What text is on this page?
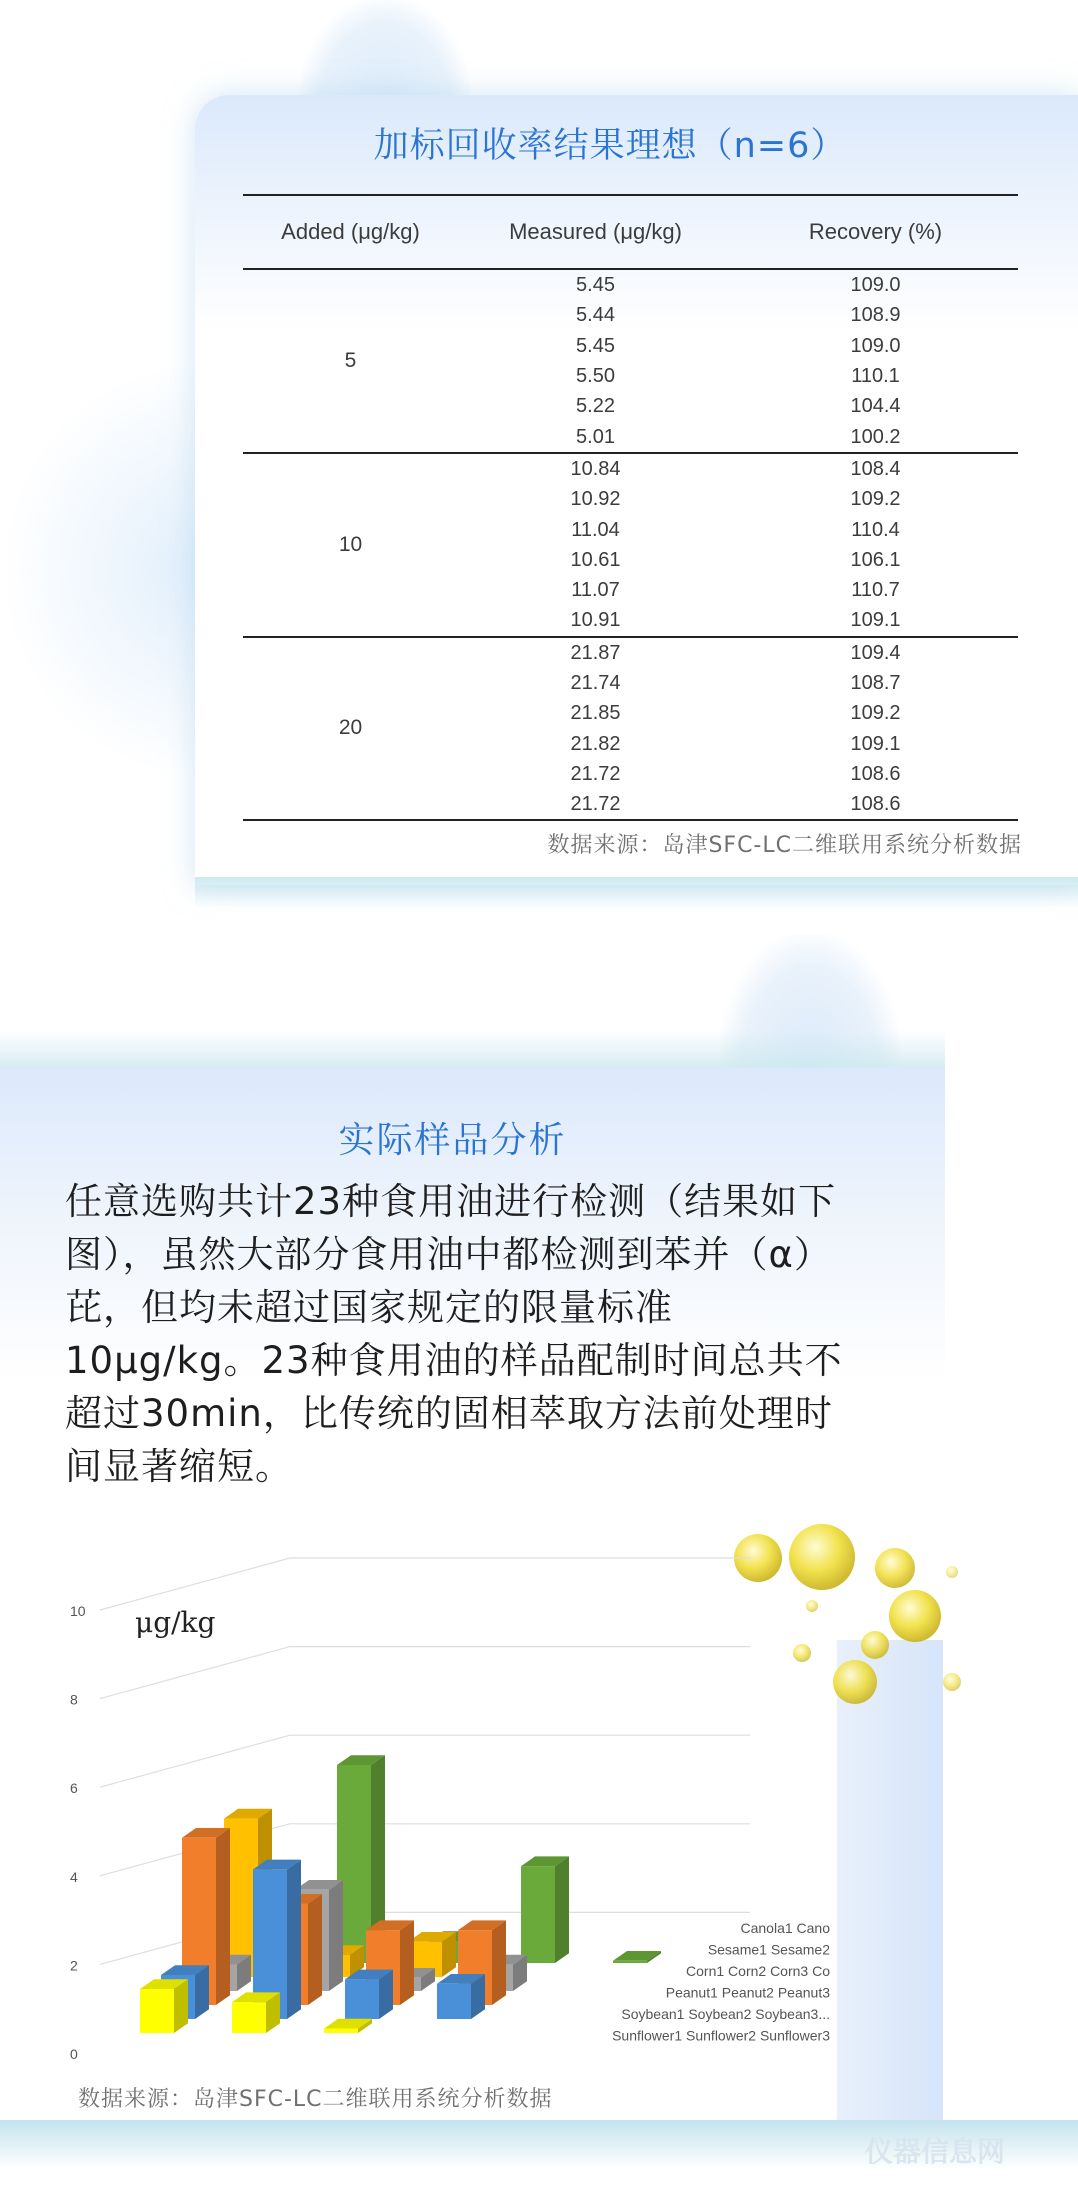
加标回收率结果理想（n=6）
Added (μg/kg)	Measured (μg/kg)	Recovery (%)
5	5.45	109.0
	5.44	108.9
	5.45	109.0
	5.50	110.1
	5.22	104.4
	5.01	100.2
10	10.84	108.4
	10.92	109.2
	11.04	110.4
	10.61	106.1
	11.07	110.7
	10.91	109.1
20	21.87	109.4
	21.74	108.7
	21.85	109.2
	21.82	109.1
	21.72	108.6
	21.72	108.6
数据来源：岛津SFC-LC二维联用系统分析数据
实际样品分析

任意选购共计23种食用油进行检测（结果如下图），虽然大部分食用油中都检测到苯并（α）芘，但均未超过国家规定的限量标准10μg/kg。23种食用油的样品配制时间总共不超过30min，比传统的固相萃取方法前处理时间显著缩短。

μg/kg
0
2
4
6
8
10
Canola1 Cano
Sesame1 Sesame2
Corn1 Corn2 Corn3 Co
Peanut1 Peanut2 Peanut3
Soybean1 Soybean2 Soybean3...
Sunflower1 Sunflower2 Sunflower3
数据来源：岛津SFC-LC二维联用系统分析数据
仪器信息网
